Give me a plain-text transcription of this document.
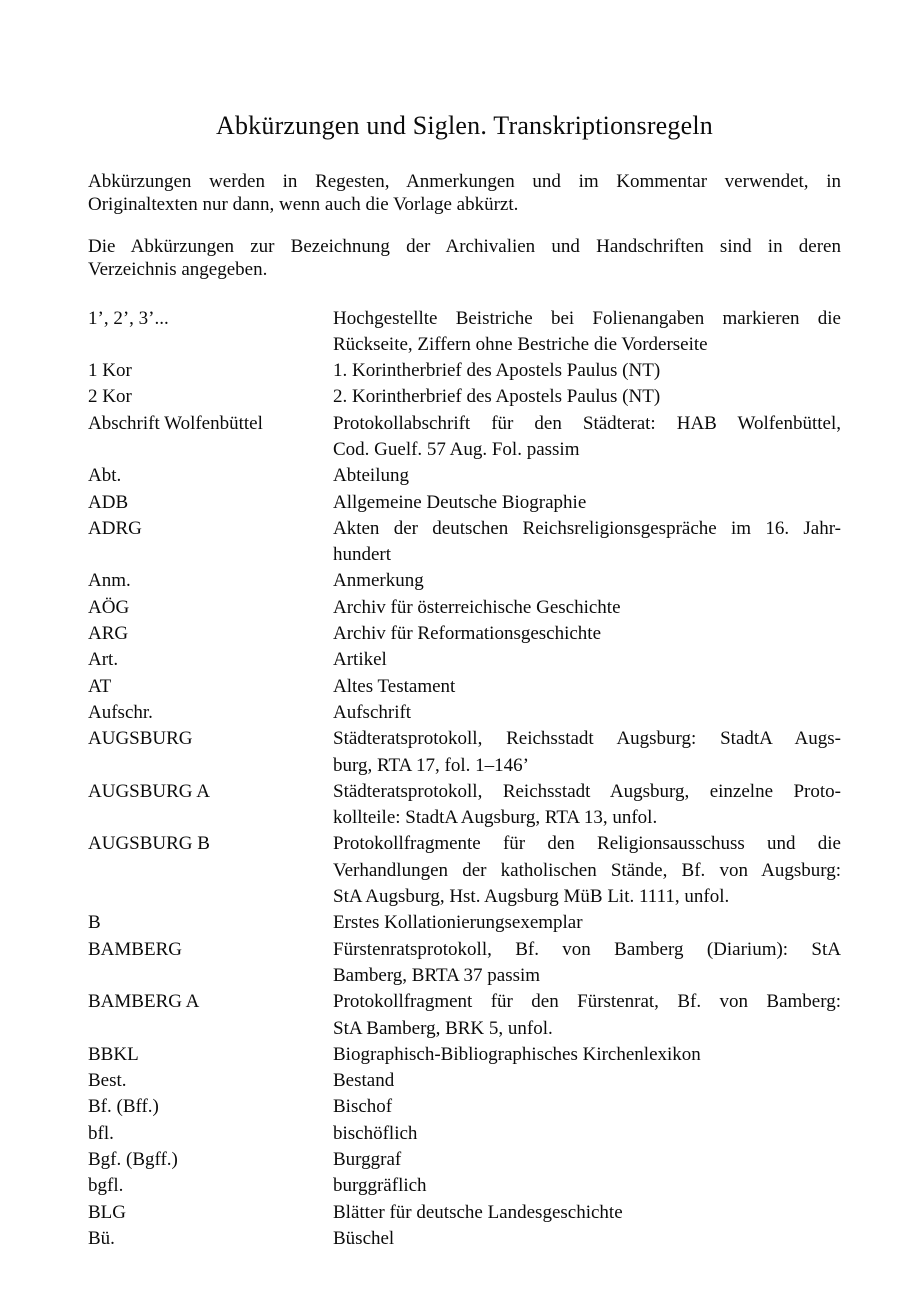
Abkürzungen und Siglen. Transkriptionsregeln
Abkürzungen werden in Regesten, Anmerkungen und im Kommentar verwendet, in
Originaltexten nur dann, wenn auch die Vorlage abkürzt.
Die Abkürzungen zur Bezeichnung der Archivalien und Handschriften sind in deren
Verzeichnis angegeben.
1’, 2’, 3’...	Hochgestellte Beistriche bei Folienangaben markieren die
Rückseite, Ziffern ohne Bestriche die Vorderseite
1 Kor	1. Korintherbrief des Apostels Paulus (NT)
2 Kor	2. Korintherbrief des Apostels Paulus (NT)
Abschrift Wolfenbüttel	Protokollabschrift für den Städterat: HAB Wolfenbüttel,
Cod. Guelf. 57 Aug. Fol. passim
Abt.	Abteilung
ADB	Allgemeine Deutsche Biographie
ADRG	Akten der deutschen Reichsreligionsgespräche im 16. Jahr-
hundert
Anm.	Anmerkung
AÖG	Archiv für österreichische Geschichte
ARG	Archiv für Reformationsgeschichte
Art.	Artikel
AT	Altes Testament
Aufschr.	Aufschrift
AUGSBURG	Städteratsprotokoll, Reichsstadt Augsburg: StadtA Augs-
burg, RTA 17, fol. 1–146’
AUGSBURG A	Städteratsprotokoll, Reichsstadt Augsburg, einzelne Proto-
kollteile: StadtA Augsburg, RTA 13, unfol.
AUGSBURG B	Protokollfragmente für den Religionsausschuss und die
Verhandlungen der katholischen Stände, Bf. von Augsburg:
StA Augsburg, Hst. Augsburg MüB Lit. 1111, unfol.
B	Erstes Kollationierungsexemplar
BAMBERG	Fürstenratsprotokoll, Bf. von Bamberg (Diarium): StA
Bamberg, BRTA 37 passim
BAMBERG A	Protokollfragment für den Fürstenrat, Bf. von Bamberg:
StA Bamberg, BRK 5, unfol.
BBKL	Biographisch-Bibliographisches Kirchenlexikon
Best.	Bestand
Bf. (Bff.)	Bischof
bfl.	bischöflich
Bgf. (Bgff.)	Burggraf
bgfl.	burggräflich
BLG	Blätter für deutsche Landesgeschichte
Bü.	Büschel
